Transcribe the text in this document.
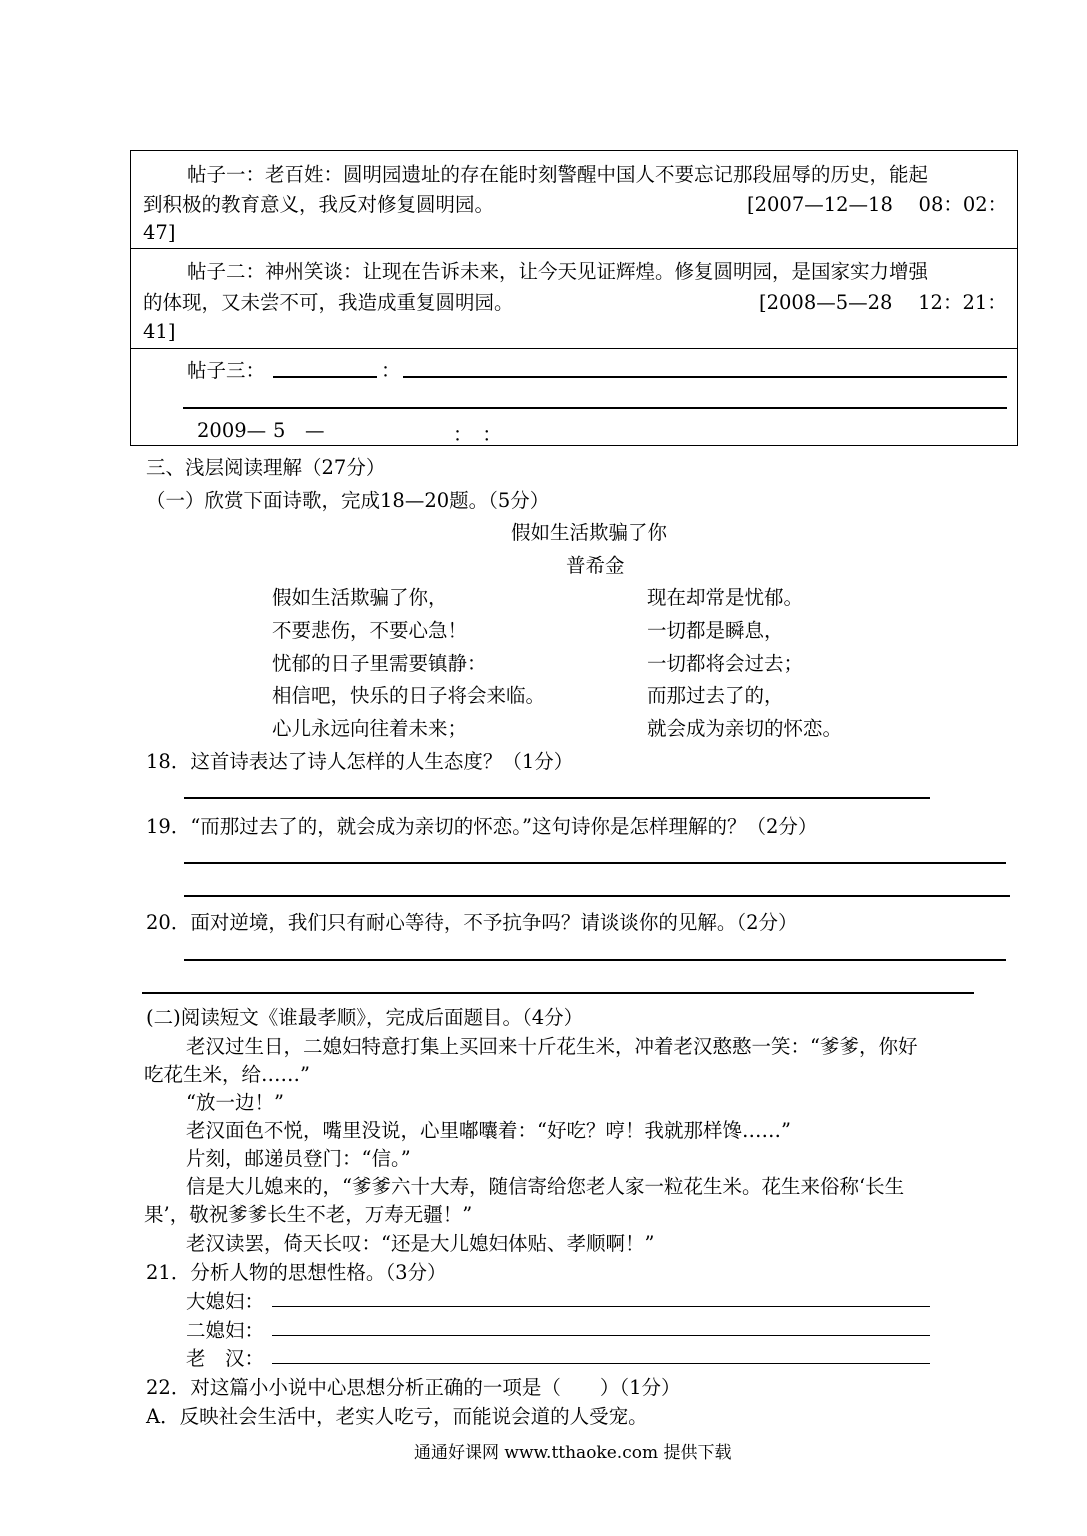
帖子一：老百姓：圆明园遗址的存在能时刻警醒中国人不要忘记那段屈辱的历史，能起
到积极的教育意义，我反对修复圆明园。	[2007—12—18　 08：02：
47]
帖子二：神州笑谈：让现在告诉未来，让今天见证辉煌。修复圆明园，是国家实力增强
的体现，又未尝不可，我造成重复圆明园。	[2008—5—28　 12：21：
41]
帖子三：	：
2009— 5 —	：　：
三、浅层阅读理解（27分）
（一）欣赏下面诗歌，完成18—20题。（5分）
假如生活欺骗了你
普希金
假如生活欺骗了你，
不要悲伤，不要心急！
忧郁的日子里需要镇静：
相信吧，快乐的日子将会来临。
心儿永远向往着未来；
现在却常是忧郁。
一切都是瞬息，
一切都将会过去；
而那过去了的，
就会成为亲切的怀恋。
18．这首诗表达了诗人怎样的人生态度？（1分）
19．“而那过去了的，就会成为亲切的怀恋。”这句诗你是怎样理解的？（2分）
20．面对逆境，我们只有耐心等待，不予抗争吗？请谈谈你的见解。（2分）
(二)阅读短文《谁最孝顺》，完成后面题目。（4分）
老汉过生日，二媳妇特意打集上买回来十斤花生米，冲着老汉憨憨一笑：“爹爹，你好
吃花生米，给……”
“放一边！”
老汉面色不悦，嘴里没说，心里嘟囔着：“好吃？哼！我就那样馋……”
片刻，邮递员登门：“信。”
信是大儿媳来的，“爹爹六十大寿，随信寄给您老人家一粒花生米。花生来俗称‘长生
果’，敬祝爹爹长生不老，万寿无疆！”
老汉读罢，倚天长叹：“还是大儿媳妇体贴、孝顺啊！”
21．分析人物的思想性格。（3分）
大媳妇：
二媳妇：
老　汉：
22．对这篇小小说中心思想分析正确的一项是（　　）（1分）
A．反映社会生活中，老实人吃亏，而能说会道的人受宠。
通通好课网 www.tthaoke.com 提供下载
